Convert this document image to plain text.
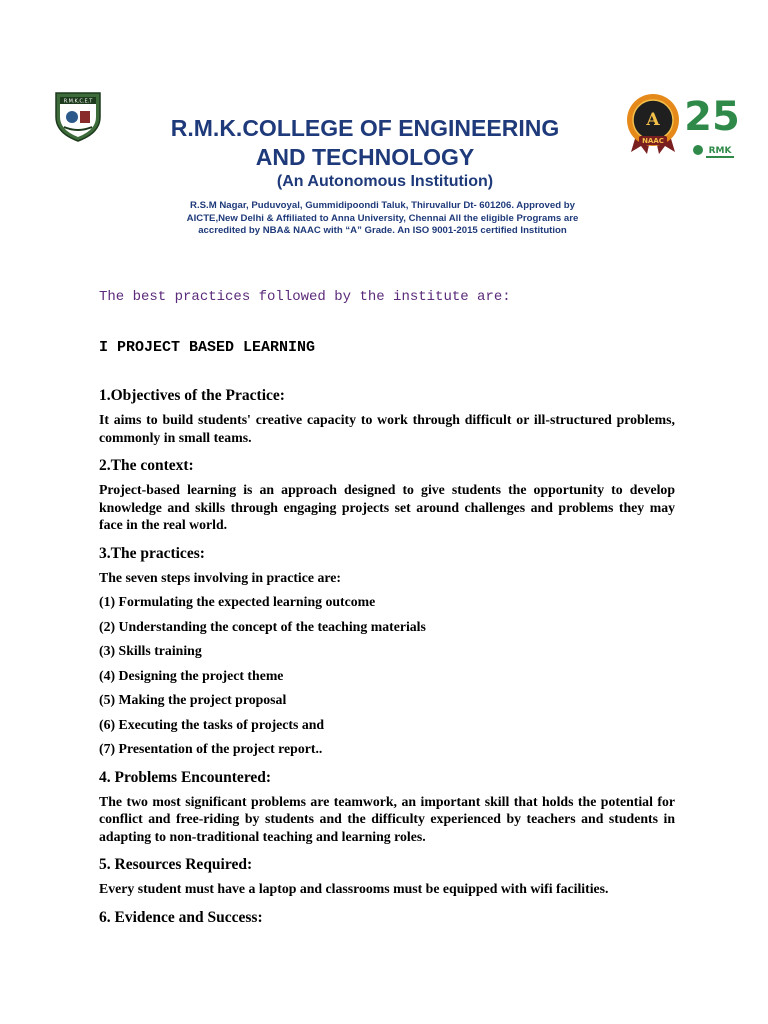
R.M.K.C.E.T
A
NAAC
25
RMK
R.M.K.COLLEGE OF ENGINEERING
AND TECHNOLOGY
(An Autonomous Institution)
R.S.M Nagar, Puduvoyal, Gummidipoondi Taluk, Thiruvallur Dt- 601206. Approved by
AICTE,New Delhi & Affiliated to Anna University, Chennai All the eligible Programs are
accredited by NBA& NAAC with “A” Grade. An ISO 9001-2015 certified Institution
The best practices followed by the institute are:
I PROJECT BASED LEARNING
1.Objectives of the Practice:
It aims to build students' creative capacity to work through difficult or ill-structured problems, commonly in small teams.
2.The context:
Project-based learning is an approach designed to give students the opportunity to develop knowledge and skills through engaging projects set around challenges and problems they may face in the real world.
3.The practices:
The seven steps involving in practice are:
(1) Formulating the expected learning outcome
(2) Understanding the concept of the teaching materials
(3) Skills training
(4) Designing the project theme
(5) Making the project proposal
(6) Executing the tasks of projects and
(7) Presentation of the project report..
4. Problems Encountered:
The two most significant problems are teamwork, an important skill that holds the potential for conflict and free-riding by students and the difficulty experienced by teachers and students in adapting to non-traditional teaching and learning roles.
5. Resources Required:
Every student must have a laptop and classrooms must be equipped with wifi facilities.
6. Evidence and Success:
